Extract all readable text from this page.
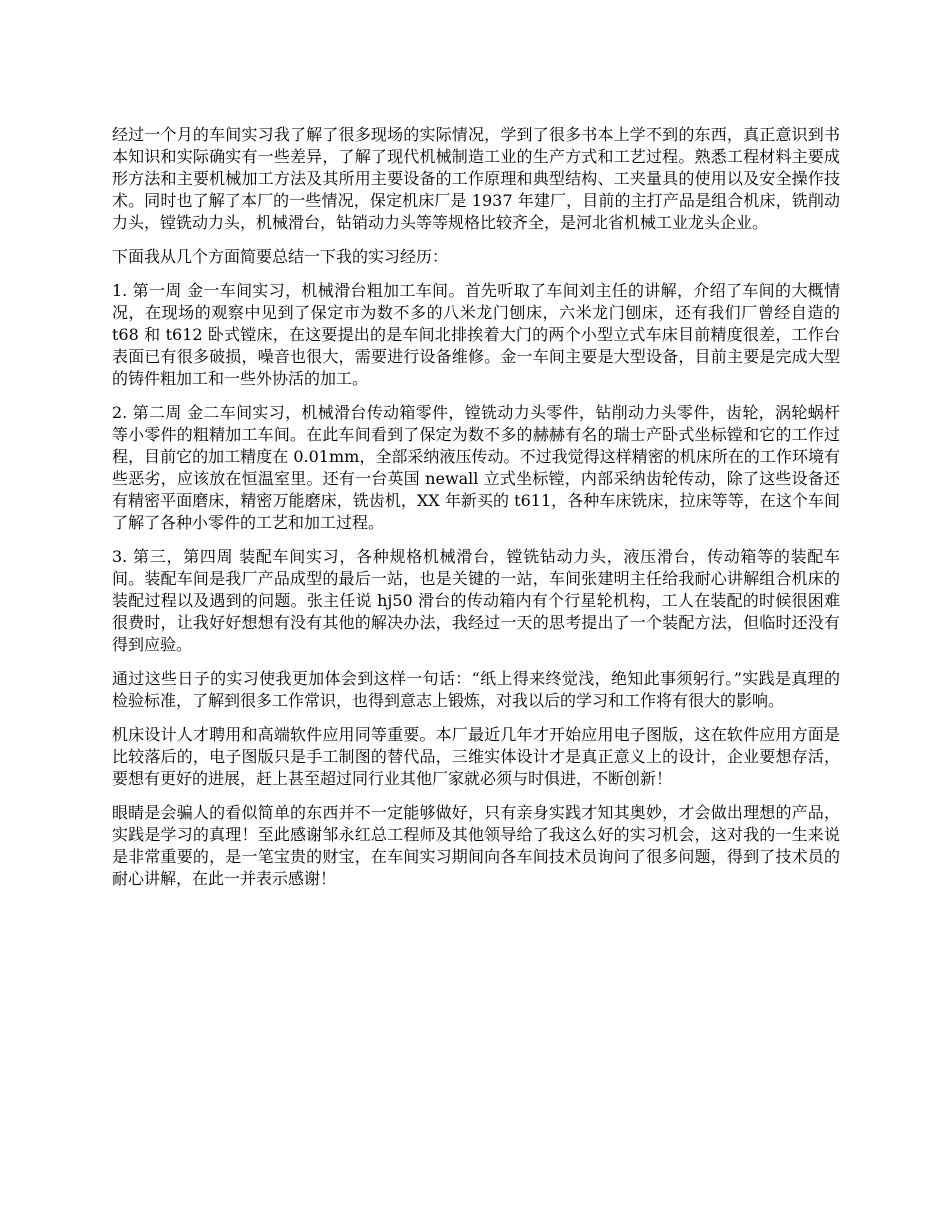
经过一个月的车间实习我了解了很多现场的实际情况，学到了很多书本上学不到的东西，真正意识到书本知识和实际确实有一些差异，了解了现代机械制造工业的生产方式和工艺过程。熟悉工程材料主要成形方法和主要机械加工方法及其所用主要设备的工作原理和典型结构、工夹量具的使用以及安全操作技术。同时也了解了本厂的一些情况，保定机床厂是 1937 年建厂，目前的主打产品是组合机床，铣削动力头，镗铣动力头，机械滑台，钻销动力头等等规格比较齐全，是河北省机械工业龙头企业。

下面我从几个方面简要总结一下我的实习经历：

1. 第一周 金一车间实习，机械滑台粗加工车间。首先听取了车间刘主任的讲解，介绍了车间的大概情况，在现场的观察中见到了保定市为数不多的八米龙门刨床，六米龙门刨床，还有我们厂曾经自造的 t68 和 t612 卧式镗床，在这要提出的是车间北排挨着大门的两个小型立式车床目前精度很差，工作台表面已有很多破损，噪音也很大，需要进行设备维修。金一车间主要是大型设备，目前主要是完成大型的铸件粗加工和一些外协活的加工。

2. 第二周 金二车间实习，机械滑台传动箱零件，镗铣动力头零件，钻削动力头零件，齿轮，涡轮蜗杆等小零件的粗精加工车间。在此车间看到了保定为数不多的赫赫有名的瑞士产卧式坐标镗和它的工作过程，目前它的加工精度在 0.01mm，全部采纳液压传动。不过我觉得这样精密的机床所在的工作环境有些恶劣，应该放在恒温室里。还有一台英国 newall 立式坐标镗，内部采纳齿轮传动，除了这些设备还有精密平面磨床，精密万能磨床，铣齿机，XX 年新买的 t611，各种车床铣床，拉床等等，在这个车间了解了各种小零件的工艺和加工过程。

3. 第三，第四周 装配车间实习，各种规格机械滑台，镗铣钻动力头，液压滑台，传动箱等的装配车间。装配车间是我厂产品成型的最后一站，也是关键的一站，车间张建明主任给我耐心讲解组合机床的装配过程以及遇到的问题。张主任说 hj50 滑台的传动箱内有个行星轮机构，工人在装配的时候很困难很费时，让我好好想想有没有其他的解决办法，我经过一天的思考提出了一个装配方法，但临时还没有得到应验。

通过这些日子的实习使我更加体会到这样一句话：“纸上得来终觉浅，绝知此事须躬行。”实践是真理的检验标准，了解到很多工作常识，也得到意志上锻炼，对我以后的学习和工作将有很大的影响。

机床设计人才聘用和高端软件应用同等重要。本厂最近几年才开始应用电子图版，这在软件应用方面是比较落后的，电子图版只是手工制图的替代品，三维实体设计才是真正意义上的设计，企业要想存活，要想有更好的进展，赶上甚至超过同行业其他厂家就必须与时俱进，不断创新！

眼睛是会骗人的看似简单的东西并不一定能够做好，只有亲身实践才知其奥妙，才会做出理想的产品，实践是学习的真理！至此感谢邹永红总工程师及其他领导给了我这么好的实习机会，这对我的一生来说是非常重要的，是一笔宝贵的财宝，在车间实习期间向各车间技术员询问了很多问题，得到了技术员的耐心讲解，在此一并表示感谢！
